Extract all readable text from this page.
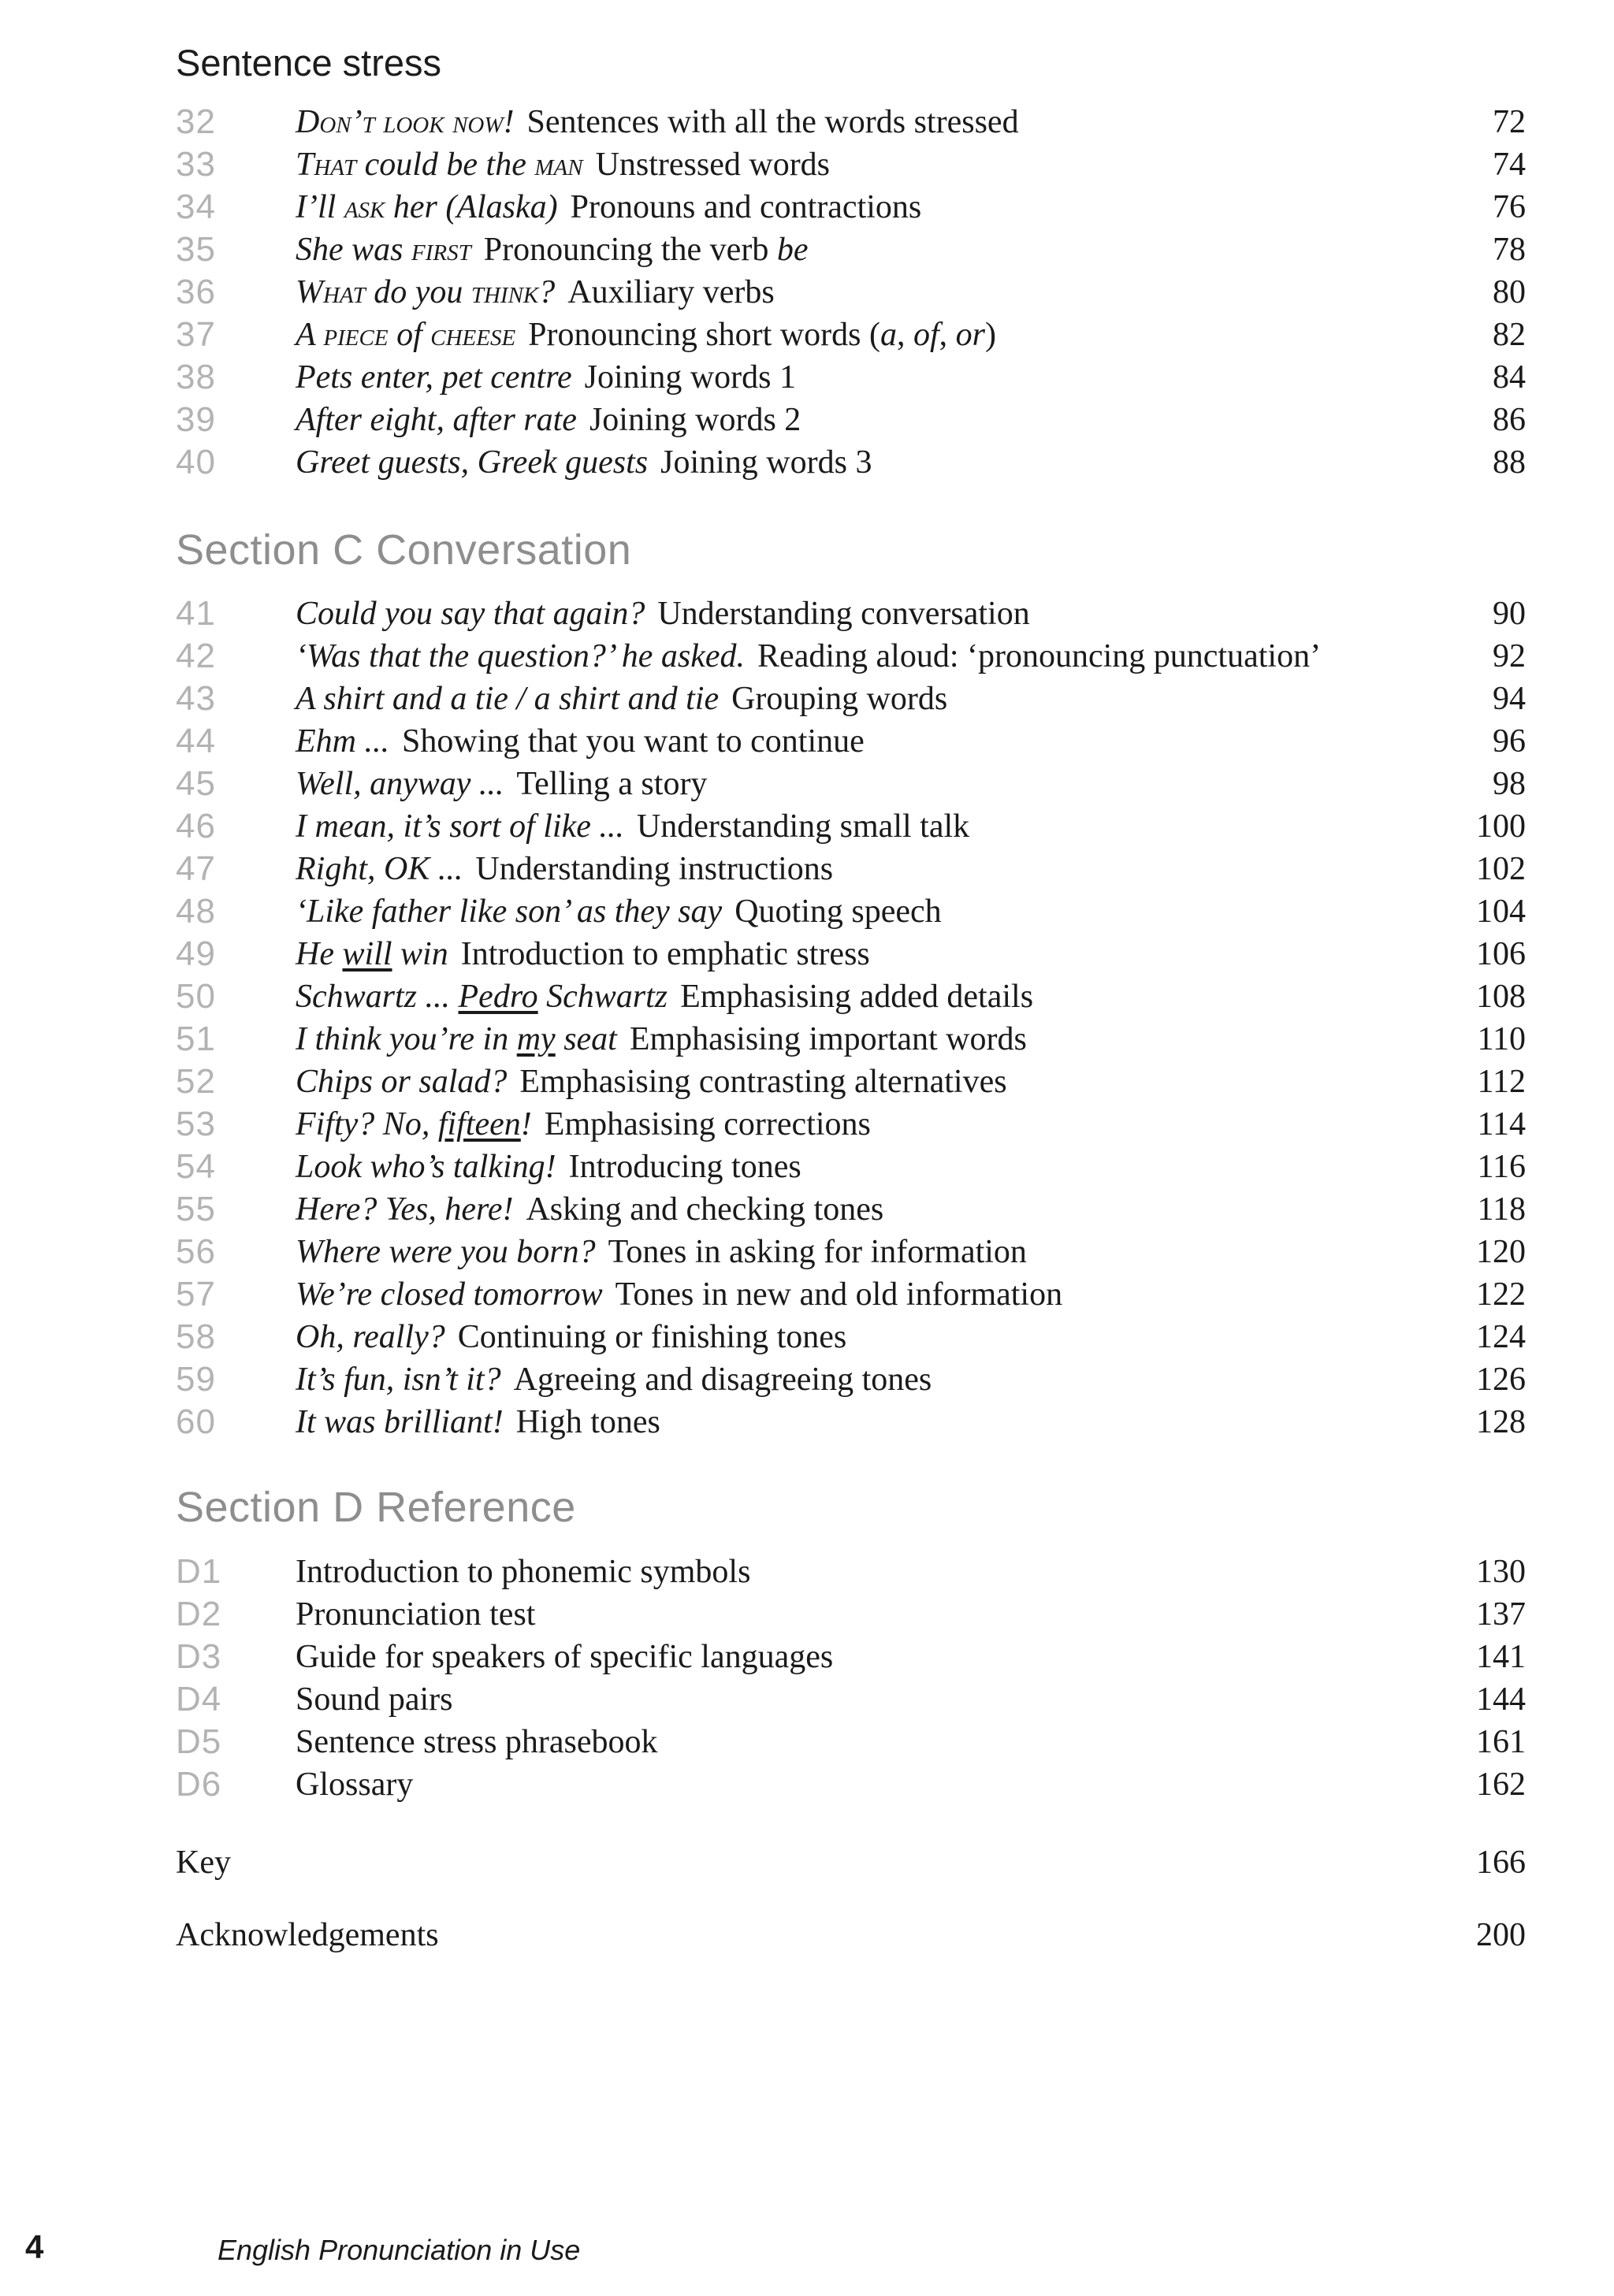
Sentence stress
32 Don’t look now! Sentences with all the words stressed	72
33 That could be the man Unstressed words	74
34 I’ll ask her (Alaska) Pronouns and contractions	76
35 She was first Pronouncing the verb be	78
36 What do you think? Auxiliary verbs	80
37 A piece of cheese Pronouncing short words (a, of, or)	82
38 Pets enter, pet centre Joining words 1	84
39 After eight, after rate Joining words 2	86
40 Greet guests, Greek guests Joining words 3	88
Section C Conversation
41 Could you say that again? Understanding conversation	90
42 ‘Was that the question?’ he asked. Reading aloud: ‘pronouncing punctuation’	92
43 A shirt and a tie / a shirt and tie Grouping words	94
44 Ehm ... Showing that you want to continue	96
45 Well, anyway ... Telling a story	98
46 I mean, it’s sort of like ... Understanding small talk	100
47 Right, OK ... Understanding instructions	102
48 ‘Like father like son’ as they say Quoting speech	104
49 He will win Introduction to emphatic stress	106
50 Schwartz ... Pedro Schwartz Emphasising added details	108
51 I think you’re in my seat Emphasising important words	110
52 Chips or salad? Emphasising contrasting alternatives	112
53 Fifty? No, fifteen! Emphasising corrections	114
54 Look who’s talking! Introducing tones	116
55 Here? Yes, here! Asking and checking tones	118
56 Where were you born? Tones in asking for information	120
57 We’re closed tomorrow Tones in new and old information	122
58 Oh, really? Continuing or finishing tones	124
59 It’s fun, isn’t it? Agreeing and disagreeing tones	126
60 It was brilliant! High tones	128
Section D Reference
D1 Introduction to phonemic symbols	130
D2 Pronunciation test	137
D3 Guide for speakers of specific languages	141
D4 Sound pairs	144
D5 Sentence stress phrasebook	161
D6 Glossary	162
Key	166
Acknowledgements	200
4	English Pronunciation in Use
